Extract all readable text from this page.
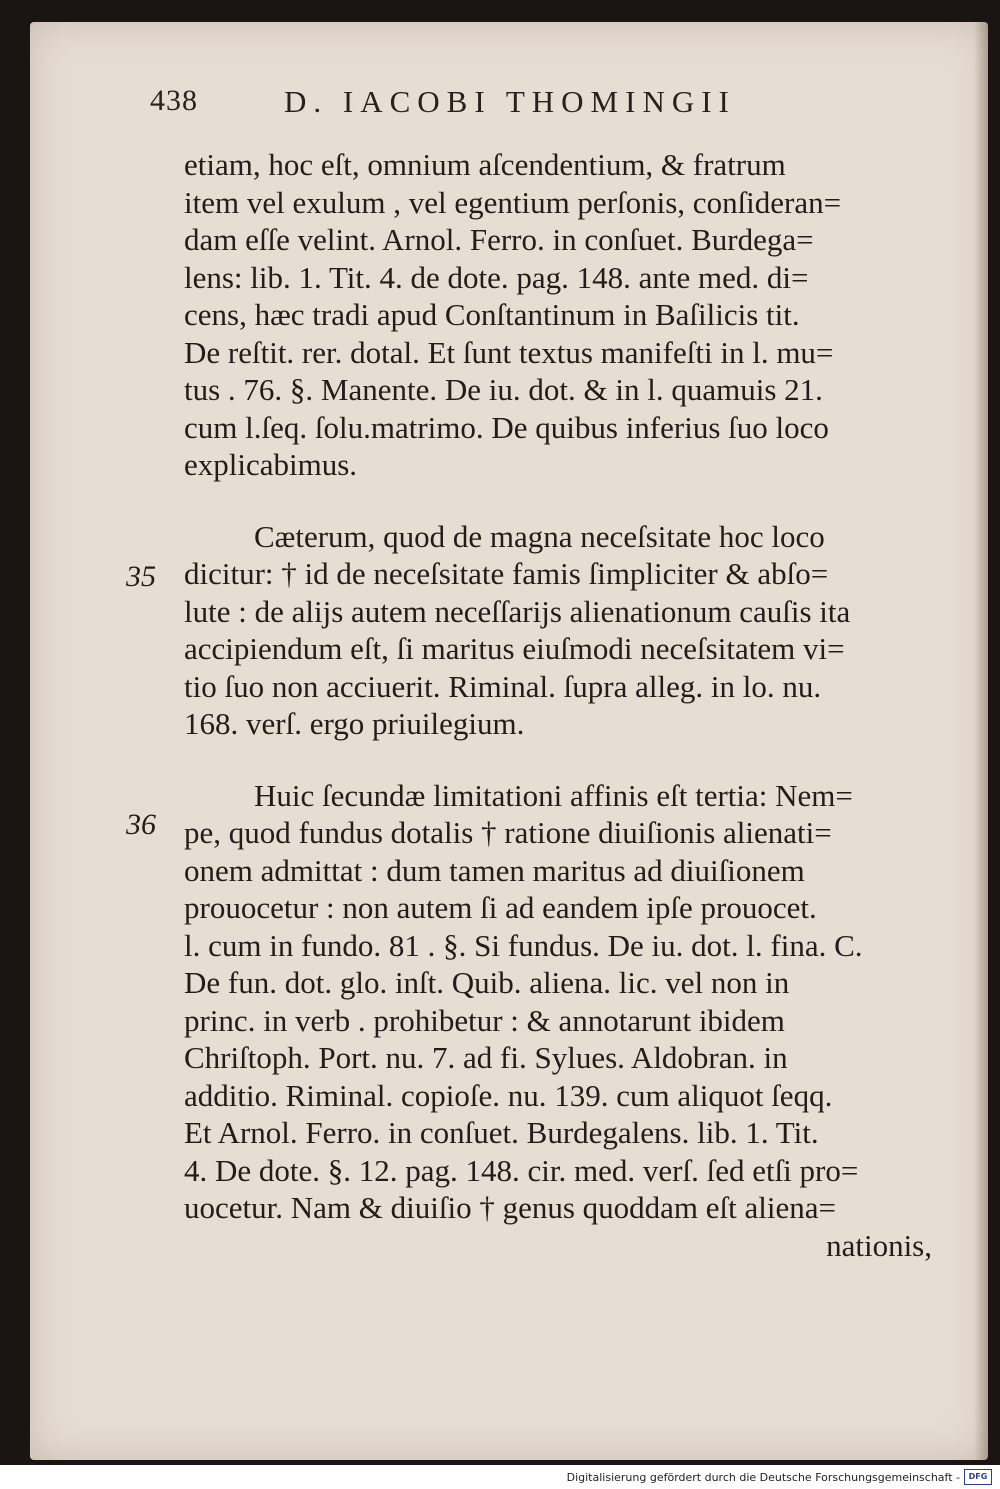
438	D. IACOBI THOMINGII
35
36
etiam, hoc eſt, omnium aſcendentium, & fratrum
item vel exulum , vel egentium perſonis, conſideran=
dam eſſe velint. Arnol. Ferro. in conſuet. Burdega=
lens: lib. 1. Tit. 4. de dote. pag. 148. ante med. di=
cens, hæc tradi apud Conſtantinum in Baſilicis tit.
De reſtit. rer. dotal. Et ſunt textus manifeſti in l. mu=
tus . 76. §. Manente. De iu. dot. & in l. quamuis 21.
cum l.ſeq. ſolu.matrimo. De quibus inferius ſuo loco
explicabimus.
Cæterum, quod de magna neceſsitate hoc loco
dicitur: † id de neceſsitate famis ſimpliciter & abſo=
lute : de alijs autem neceſſarijs alienationum cauſis ita
accipiendum eſt, ſi maritus eiuſmodi neceſsitatem vi=
tio ſuo non acciuerit. Riminal. ſupra alleg. in lo. nu.
168. verſ. ergo priuilegium.
Huic ſecundæ limitationi affinis eſt tertia: Nem=
pe, quod fundus dotalis † ratione diuiſionis alienati=
onem admittat : dum tamen maritus ad diuiſionem
prouocetur : non autem ſi ad eandem ipſe prouocet.
l. cum in fundo. 81 . §. Si fundus. De iu. dot. l. fina. C.
De fun. dot. glo. inſt. Quib. aliena. lic. vel non in
princ. in verb . prohibetur : & annotarunt ibidem
Chriſtoph. Port. nu. 7. ad fi. Sylues. Aldobran. in
additio. Riminal. copioſe. nu. 139. cum aliquot ſeqq.
Et Arnol. Ferro. in conſuet. Burdegalens. lib. 1. Tit.
4. De dote. §. 12. pag. 148. cir. med. verſ. ſed etſi pro=
uocetur. Nam & diuiſio † genus quoddam eſt aliena=
nationis,
Digitalisierung gefördert durch die Deutsche Forschungsgemeinschaft -	DFG
